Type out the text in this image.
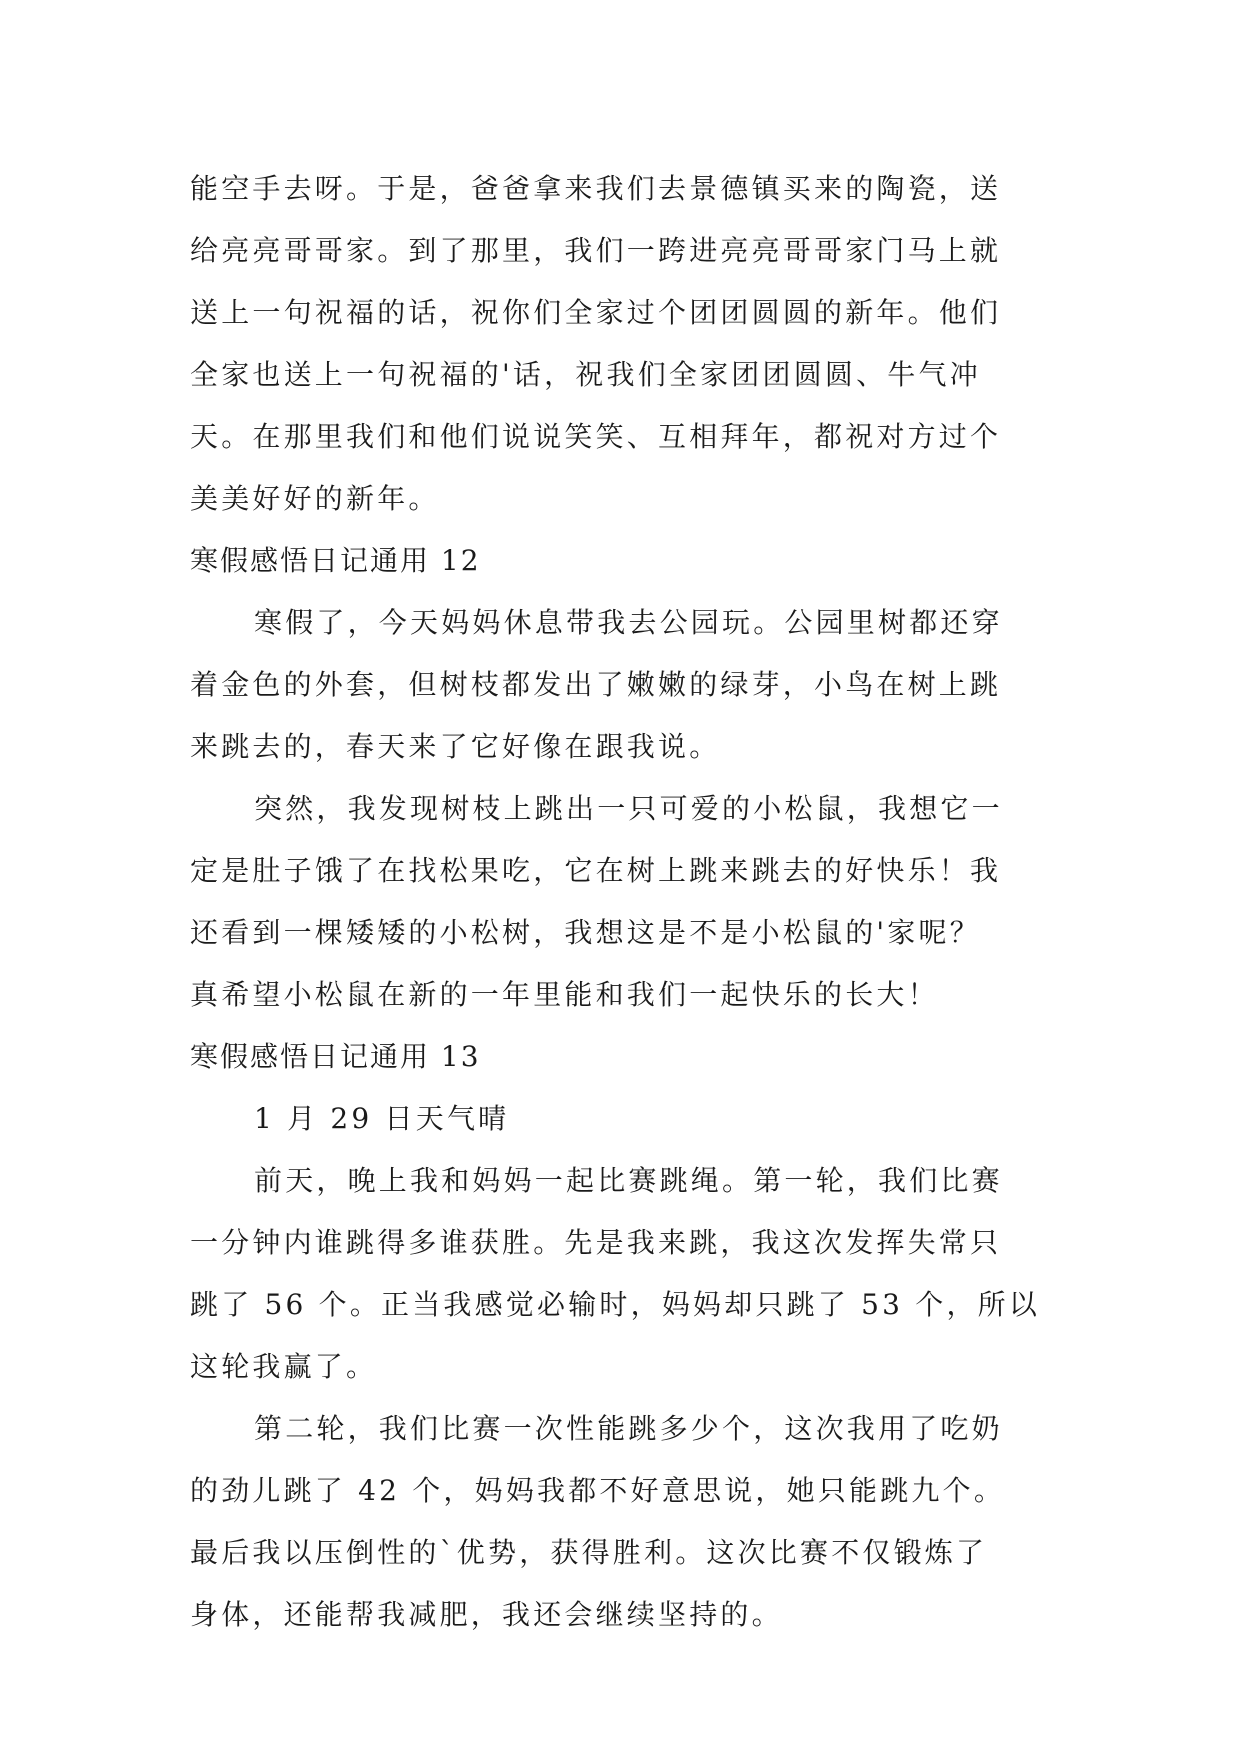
能空手去呀。于是，爸爸拿来我们去景德镇买来的陶瓷，送
给亮亮哥哥家。到了那里，我们一跨进亮亮哥哥家门马上就
送上一句祝福的话，祝你们全家过个团团圆圆的新年。他们
全家也送上一句祝福的'话，祝我们全家团团圆圆、牛气冲
天。在那里我们和他们说说笑笑、互相拜年，都祝对方过个
美美好好的新年。
寒假感悟日记通用 12
寒假了，今天妈妈休息带我去公园玩。公园里树都还穿
着金色的外套，但树枝都发出了嫩嫩的绿芽，小鸟在树上跳
来跳去的，春天来了它好像在跟我说。
突然，我发现树枝上跳出一只可爱的小松鼠，我想它一
定是肚子饿了在找松果吃，它在树上跳来跳去的好快乐！我
还看到一棵矮矮的小松树，我想这是不是小松鼠的'家呢？
真希望小松鼠在新的一年里能和我们一起快乐的长大！
寒假感悟日记通用 13
1 月 29 日天气晴
前天，晚上我和妈妈一起比赛跳绳。第一轮，我们比赛
一分钟内谁跳得多谁获胜。先是我来跳，我这次发挥失常只
跳了 56 个。正当我感觉必输时，妈妈却只跳了 53 个，所以
这轮我赢了。
第二轮，我们比赛一次性能跳多少个，这次我用了吃奶
的劲儿跳了 42 个，妈妈我都不好意思说，她只能跳九个。
最后我以压倒性的`优势，获得胜利。这次比赛不仅锻炼了
身体，还能帮我减肥，我还会继续坚持的。
